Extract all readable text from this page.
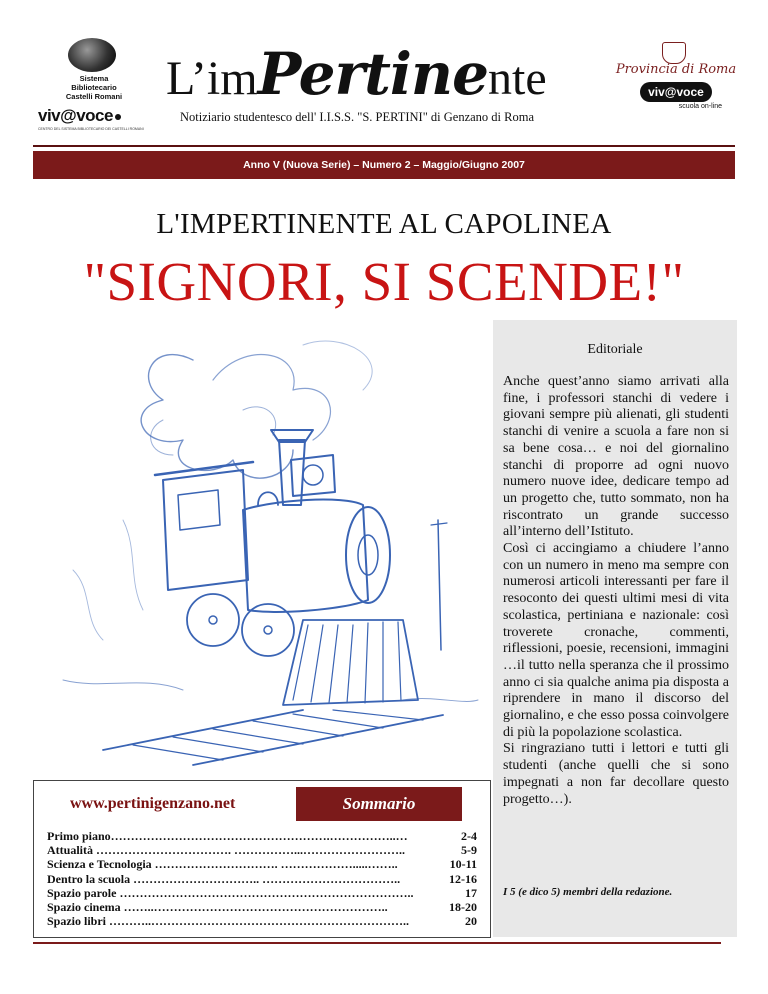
Sistema
Bibliotecario
Castelli Romani
viv@voce
CENTRO DEL SISTEMA BIBLIOTECARIO DEI CASTELLI ROMANI
L’imPertinente
Notiziario studentesco dell' I.I.S.S. "S. PERTINI" di Genzano di Roma
Provincia di Roma
viv@voce
scuola on-line
Anno V (Nuova Serie) – Numero 2 – Maggio/Giugno 2007
L'IMPERTINENTE AL CAPOLINEA
"SIGNORI, SI SCENDE!"
www.pertinigenzano.net	Sommario
Primo piano……………………………………………….……………..…	2-4
Attualità ……………………………. ……………...……………………..	5-9
Scienza e Tecnologia …………………………. ……………….....……..	10-11
Dentro la scuola ………………………….. ……………………………..	12-16
Spazio parole ………………………………………………………………..	17
Spazio cinema ……..…………………………………………………..	18-20
Spazio libri ………..………………………………………………………..	20
Editoriale
Anche quest’anno siamo arrivati alla fine, i professori stanchi di vedere i giovani sempre più alienati, gli studenti stanchi di venire a scuola a fare non si sa bene cosa… e noi del giornalino stanchi di proporre ad ogni nuovo numero nuove idee, dedicare tempo ad un progetto che, tutto sommato, non ha riscontrato un grande successo all’interno dell’Istituto.
Così ci accingiamo a chiudere l’anno con un numero in meno ma sempre con numerosi articoli interessanti per fare il resoconto dei questi ultimi mesi di vita scolastica, pertiniana e nazionale: così troverete cronache, commenti, riflessioni, poesie, recensioni, immagini …il tutto nella speranza che il prossimo anno ci sia qualche anima pia disposta a riprendere in mano il discorso del giornalino, e che esso possa coinvolgere di più la popolazione scolastica.
Si ringraziano tutti i lettori e tutti gli studenti (anche quelli che si sono impegnati a non far decollare questo progetto…).
I 5 (e dico 5) membri della redazione.
